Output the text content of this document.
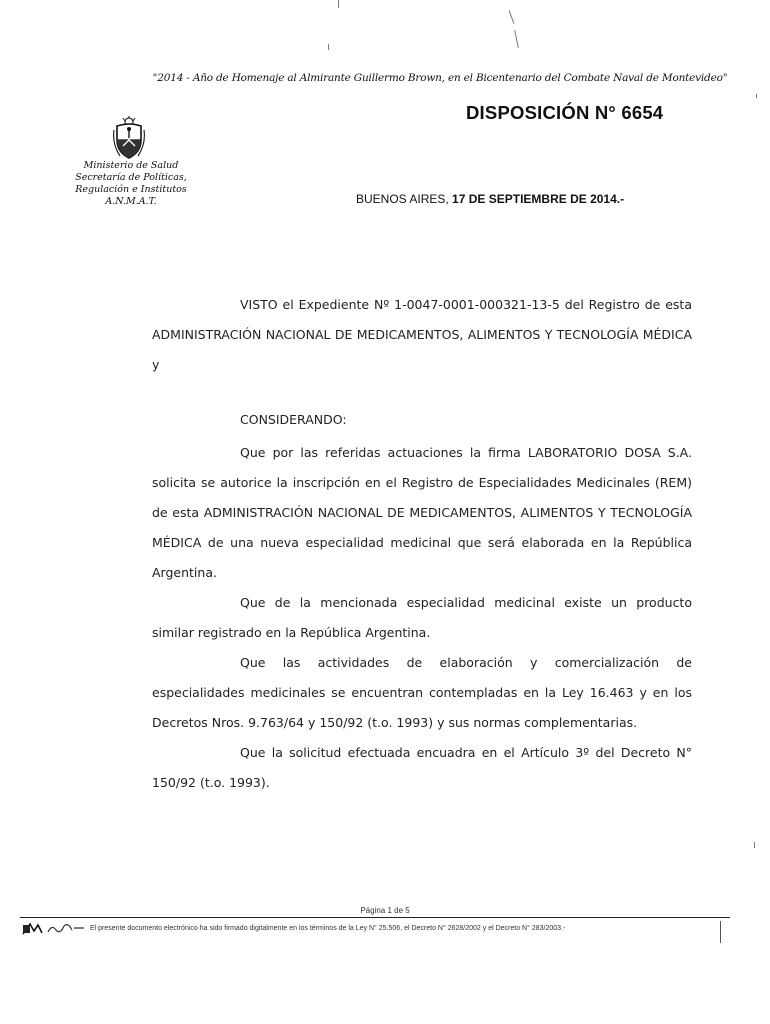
"2014 - Año de Homenaje al Almirante Guillermo Brown, en el Bicentenario del Combate Naval de Montevideo"
DISPOSICIÓN N° 6654
Ministerio de Salud
Secretaría de Políticas,
Regulación e Institutos
A.N.M.A.T.	BUENOS AIRES, 17 DE SEPTIEMBRE DE 2014.-

VISTO el Expediente Nº 1-0047-0001-000321-13-5 del Registro de esta ADMINISTRACIÓN NACIONAL DE MEDICAMENTOS, ALIMENTOS Y TECNOLOGÍA MÉDICA y

CONSIDERANDO:

Que por las referidas actuaciones la firma LABORATORIO DOSA S.A. solicita se autorice la inscripción en el Registro de Especialidades Medicinales (REM) de esta ADMINISTRACIÓN NACIONAL DE MEDICAMENTOS, ALIMENTOS Y TECNOLOGÍA MÉDICA de una nueva especialidad medicinal que será elaborada en la República Argentina.

Que de la mencionada especialidad medicinal existe un producto similar registrado en la República Argentina.

Que las actividades de elaboración y comercialización de especialidades medicinales se encuentran contempladas en la Ley 16.463 y en los Decretos Nros. 9.763/64 y 150/92 (t.o. 1993) y sus normas complementarias.

Que la solicitud efectuada encuadra en el Artículo 3º del Decreto N° 150/92 (t.o. 1993).

Página 1 de 5
El presente documento electrónico ha sido firmado digitalmente en los términos de la Ley N° 25.506, el Decreto N° 2628/2002 y el Decreto N° 283/2003.-
